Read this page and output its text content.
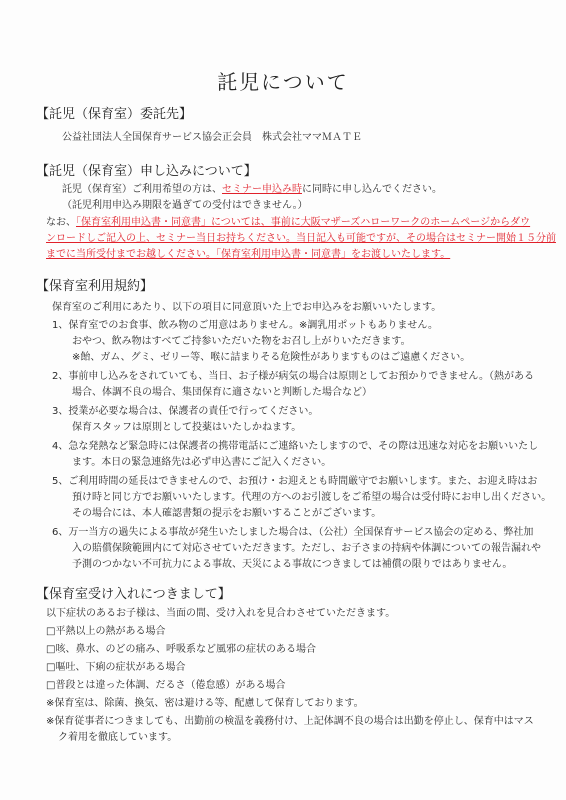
託児について
【託児（保育室）委託先】
公益社団法人全国保育サービス協会正会員　株式会社ママＭＡＴＥ
【託児（保育室）申し込みについて】
託児（保育室）ご利用希望の方は、セミナー申込み時に同時に申し込んでください。
（託児利用申込み期限を過ぎての受付はできません。）
なお、「保育室利用申込書・同意書」については、事前に大阪マザーズハローワークのホームページからダウ
ンロードしご記入の上、セミナー当日お持ちください。当日記入も可能ですが、その場合はセミナー開始１５分前
までに当所受付までお越しください。「保育室利用申込書・同意書」をお渡しいたします。
【保育室利用規約】
保育室のご利用にあたり、以下の項目に同意頂いた上でお申込みをお願いいたします。
1、保育室でのお食事、飲み物のご用意はありません。※調乳用ポットもありません。
おやつ、飲み物はすべてご持参いただいた物をお召し上がりいただきます。
※飴、ガム、グミ、ゼリー等、喉に詰まりそる危険性がありますものはご遠慮ください。
2、事前申し込みをされていても、当日、お子様が病気の場合は原則としてお預かりできません。（熱がある
場合、体調不良の場合、集団保育に適さないと判断した場合など）
3、授業が必要な場合は、保護者の責任で行ってください。
保育スタッフは原則として投薬はいたしかねます。
4、急な発熱など緊急時には保護者の携帯電話にご連絡いたしますので、その際は迅速な対応をお願いいたし
ます。本日の緊急連絡先は必ず申込書にご記入ください。
5、ご利用時間の延長はできませんので、お預け・お迎えとも時間厳守でお願いします。また、お迎え時はお
預け時と同じ方でお願いいたします。代理の方へのお引渡しをご希望の場合は受付時にお申し出ください。
その場合には、本人確認書類の提示をお願いすることがございます。
6、万一当方の過失による事故が発生いたしました場合は、（公社）全国保育サービス協会の定める、弊社加
入の賠償保険範囲内にて対応させていただきます。ただし、お子さまの持病や体調についての報告漏れや
予測のつかない不可抗力による事故、天災による事故につきましては補償の限りではありません。
【保育室受け入れにつきまして】
以下症状のあるお子様は、当面の間、受け入れを見合わさせていただきます。
□平熱以上の熱がある場合
□咳、鼻水、のどの痛み、呼吸系など風邪の症状のある場合
□嘔吐、下痢の症状がある場合
□普段とは違った体調、だるさ（倦怠感）がある場合
※保育室は、除菌、換気、密は避ける等、配慮して保育しております。
※保育従事者につきましても、出勤前の検温を義務付け、上記体調不良の場合は出勤を停止し、保育中はマス
ク着用を徹底しています。
